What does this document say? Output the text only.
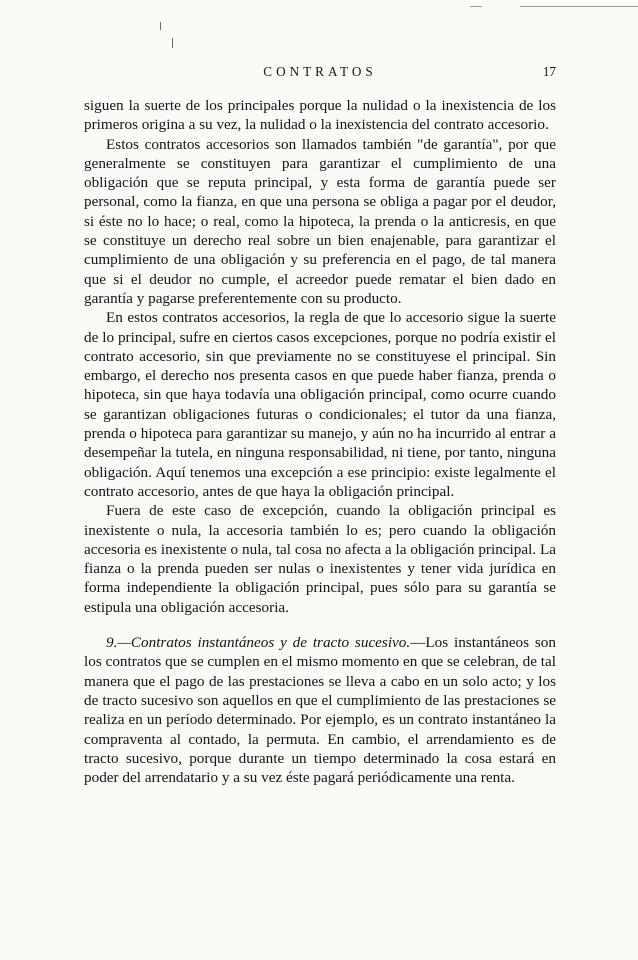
CONTRATOS	17

siguen la suerte de los principales porque la nulidad o la inexistencia de los primeros origina a su vez, la nulidad o la inexistencia del contrato accesorio.

Estos contratos accesorios son llamados también "de garantía", por que generalmente se constituyen para garantizar el cumplimiento de una obligación que se reputa principal, y esta forma de garantía puede ser personal, como la fianza, en que una persona se obliga a pagar por el deudor, si éste no lo hace; o real, como la hipoteca, la prenda o la anticresis, en que se constituye un derecho real sobre un bien enajenable, para garantizar el cumplimiento de una obligación y su preferencia en el pago, de tal manera que si el deudor no cumple, el acreedor puede rematar el bien dado en garantía y pagarse preferentemente con su producto.

En estos contratos accesorios, la regla de que lo accesorio sigue la suerte de lo principal, sufre en ciertos casos excepciones, porque no podría existir el contrato accesorio, sin que previamente no se constituyese el principal. Sin embargo, el derecho nos presenta casos en que puede haber fianza, prenda o hipoteca, sin que haya todavía una obligación principal, como ocurre cuando se garantizan obligaciones futuras o condicionales; el tutor da una fianza, prenda o hipoteca para garantizar su manejo, y aún no ha incurrido al entrar a desempeñar la tutela, en ninguna responsabilidad, ni tiene, por tanto, ninguna obligación. Aquí tenemos una excepción a ese principio: existe legalmente el contrato accesorio, antes de que haya la obligación principal.

Fuera de este caso de excepción, cuando la obligación principal es inexistente o nula, la accesoria también lo es; pero cuando la obligación accesoria es inexistente o nula, tal cosa no afecta a la obligación principal. La fianza o la prenda pueden ser nulas o inexistentes y tener vida jurídica en forma independiente la obligación principal, pues sólo para su garantía se estipula una obligación accesoria.

9.—Contratos instantáneos y de tracto sucesivo.—Los instantáneos son los contratos que se cumplen en el mismo momento en que se celebran, de tal manera que el pago de las prestaciones se lleva a cabo en un solo acto; y los de tracto sucesivo son aquellos en que el cumplimiento de las prestaciones se realiza en un período determinado. Por ejemplo, es un contrato instantáneo la compraventa al contado, la permuta. En cambio, el arrendamiento es de tracto sucesivo, porque durante un tiempo determinado la cosa estará en poder del arrendatario y a su vez éste pagará periódicamente una renta.
